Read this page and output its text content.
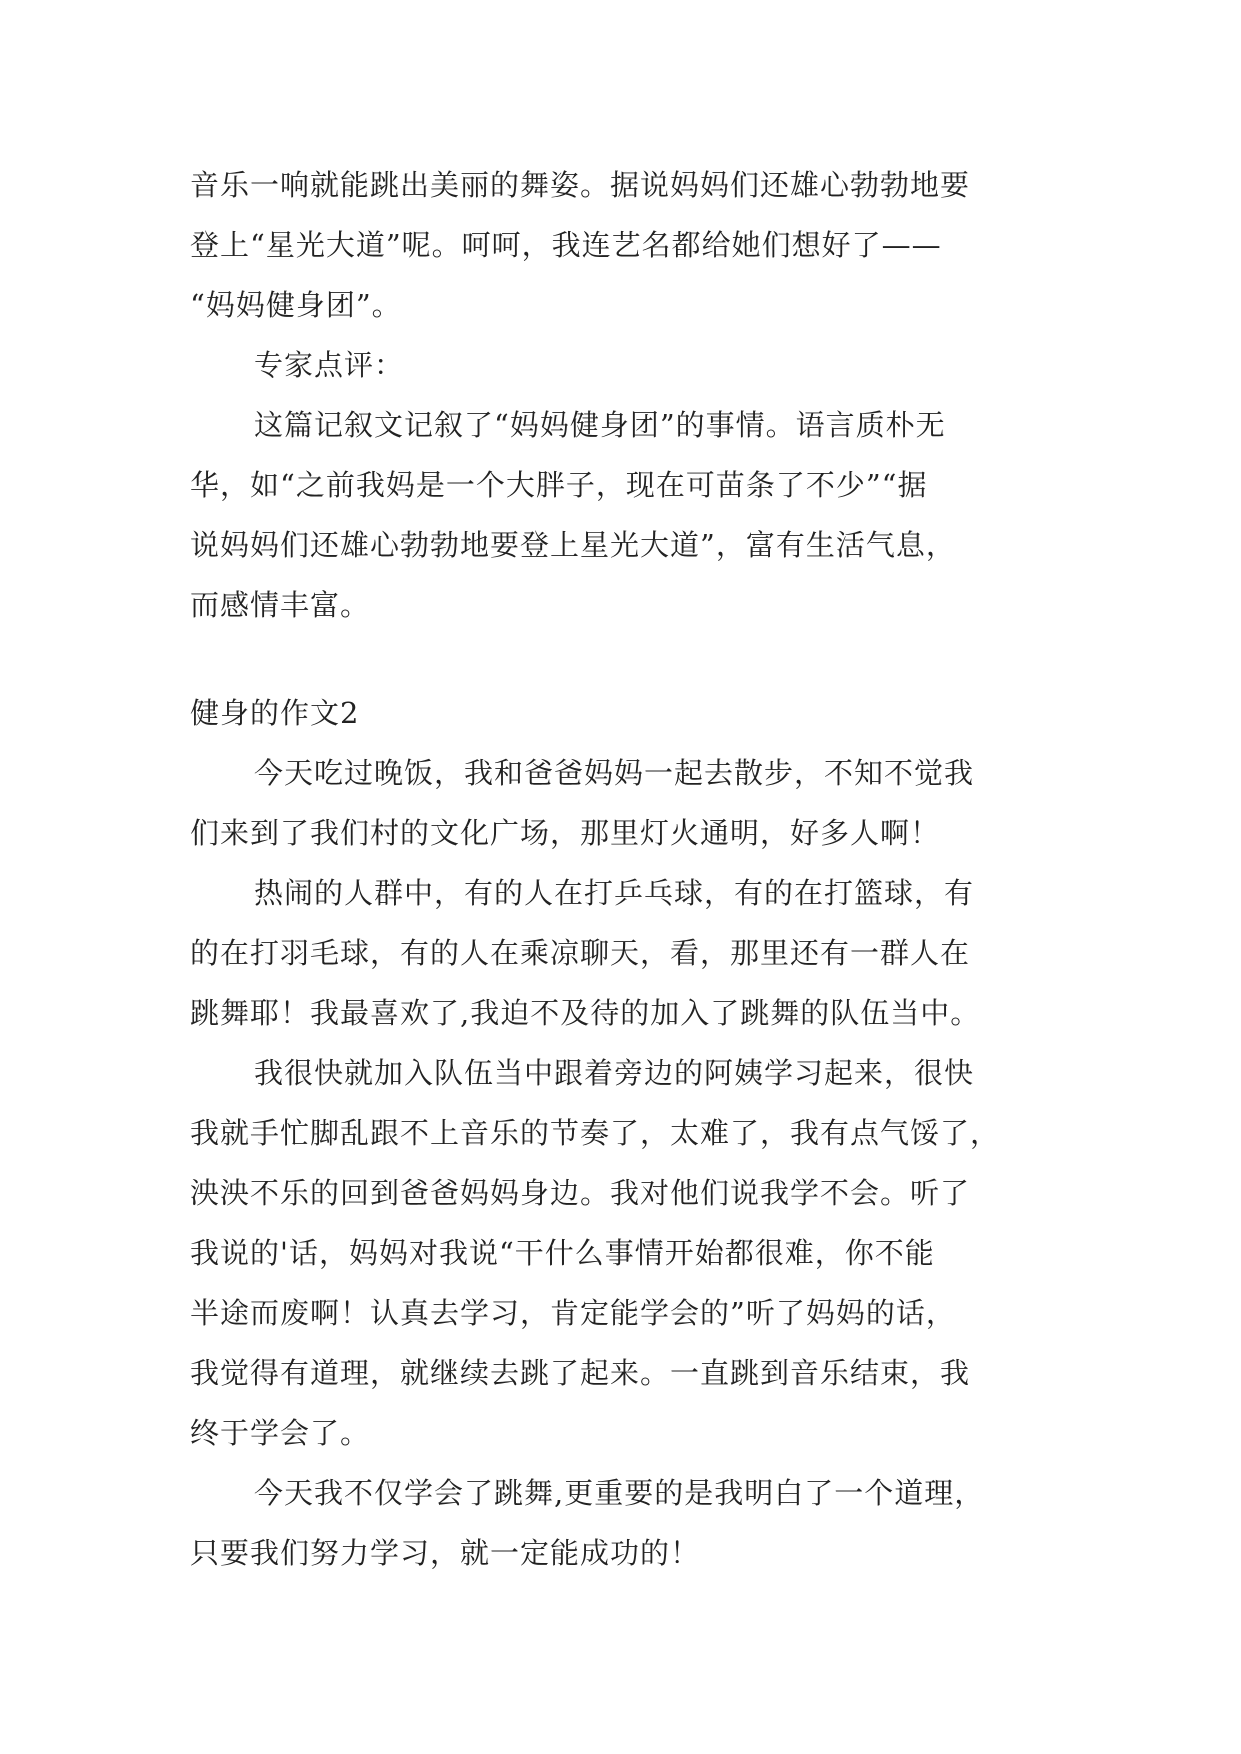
音乐一响就能跳出美丽的舞姿。据说妈妈们还雄心勃勃地要

登上“星光大道”呢。呵呵，我连艺名都给她们想好了——

“妈妈健身团”。

专家点评：

这篇记叙文记叙了“妈妈健身团”的事情。语言质朴无

华，如“之前我妈是一个大胖子，现在可苗条了不少”“据

说妈妈们还雄心勃勃地要登上星光大道”，富有生活气息，

而感情丰富。

健身的作文2

今天吃过晚饭，我和爸爸妈妈一起去散步，不知不觉我

们来到了我们村的文化广场，那里灯火通明，好多人啊！

热闹的人群中，有的人在打乒乓球，有的在打篮球，有

的在打羽毛球，有的人在乘凉聊天，看，那里还有一群人在

跳舞耶！我最喜欢了,我迫不及待的加入了跳舞的队伍当中。

我很快就加入队伍当中跟着旁边的阿姨学习起来，很快

我就手忙脚乱跟不上音乐的节奏了，太难了，我有点气馁了，

泱泱不乐的回到爸爸妈妈身边。我对他们说我学不会。听了

我说的'话，妈妈对我说“干什么事情开始都很难，你不能

半途而废啊！认真去学习，肯定能学会的”听了妈妈的话，

我觉得有道理，就继续去跳了起来。一直跳到音乐结束，我

终于学会了。

今天我不仅学会了跳舞,更重要的是我明白了一个道理，

只要我们努力学习，就一定能成功的！
